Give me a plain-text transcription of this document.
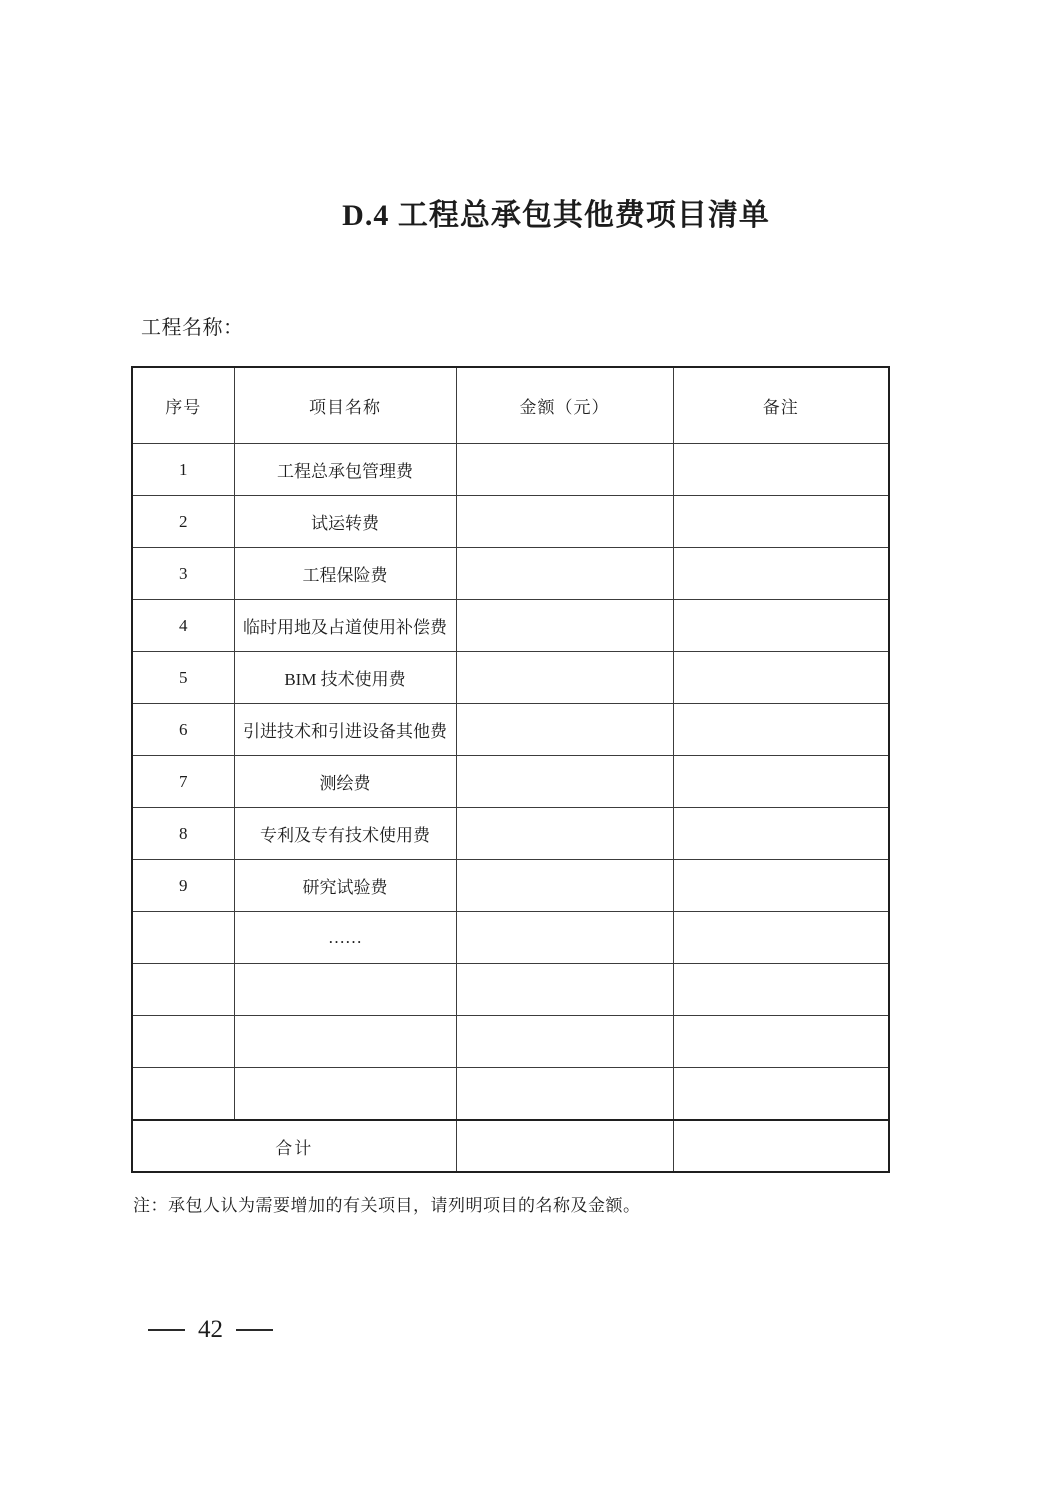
D.4 工程总承包其他费项目清单
工程名称：
序号	项目名称	金额（元）	备注
1	工程总承包管理费		
2	试运转费		
3	工程保险费		
4	临时用地及占道使用补偿费		
5	BIM 技术使用费		
6	引进技术和引进设备其他费		
7	测绘费		
8	专利及专有技术使用费		
9	研究试验费		
	……		

合计			
注：承包人认为需要增加的有关项目，请列明项目的名称及金额。
42
